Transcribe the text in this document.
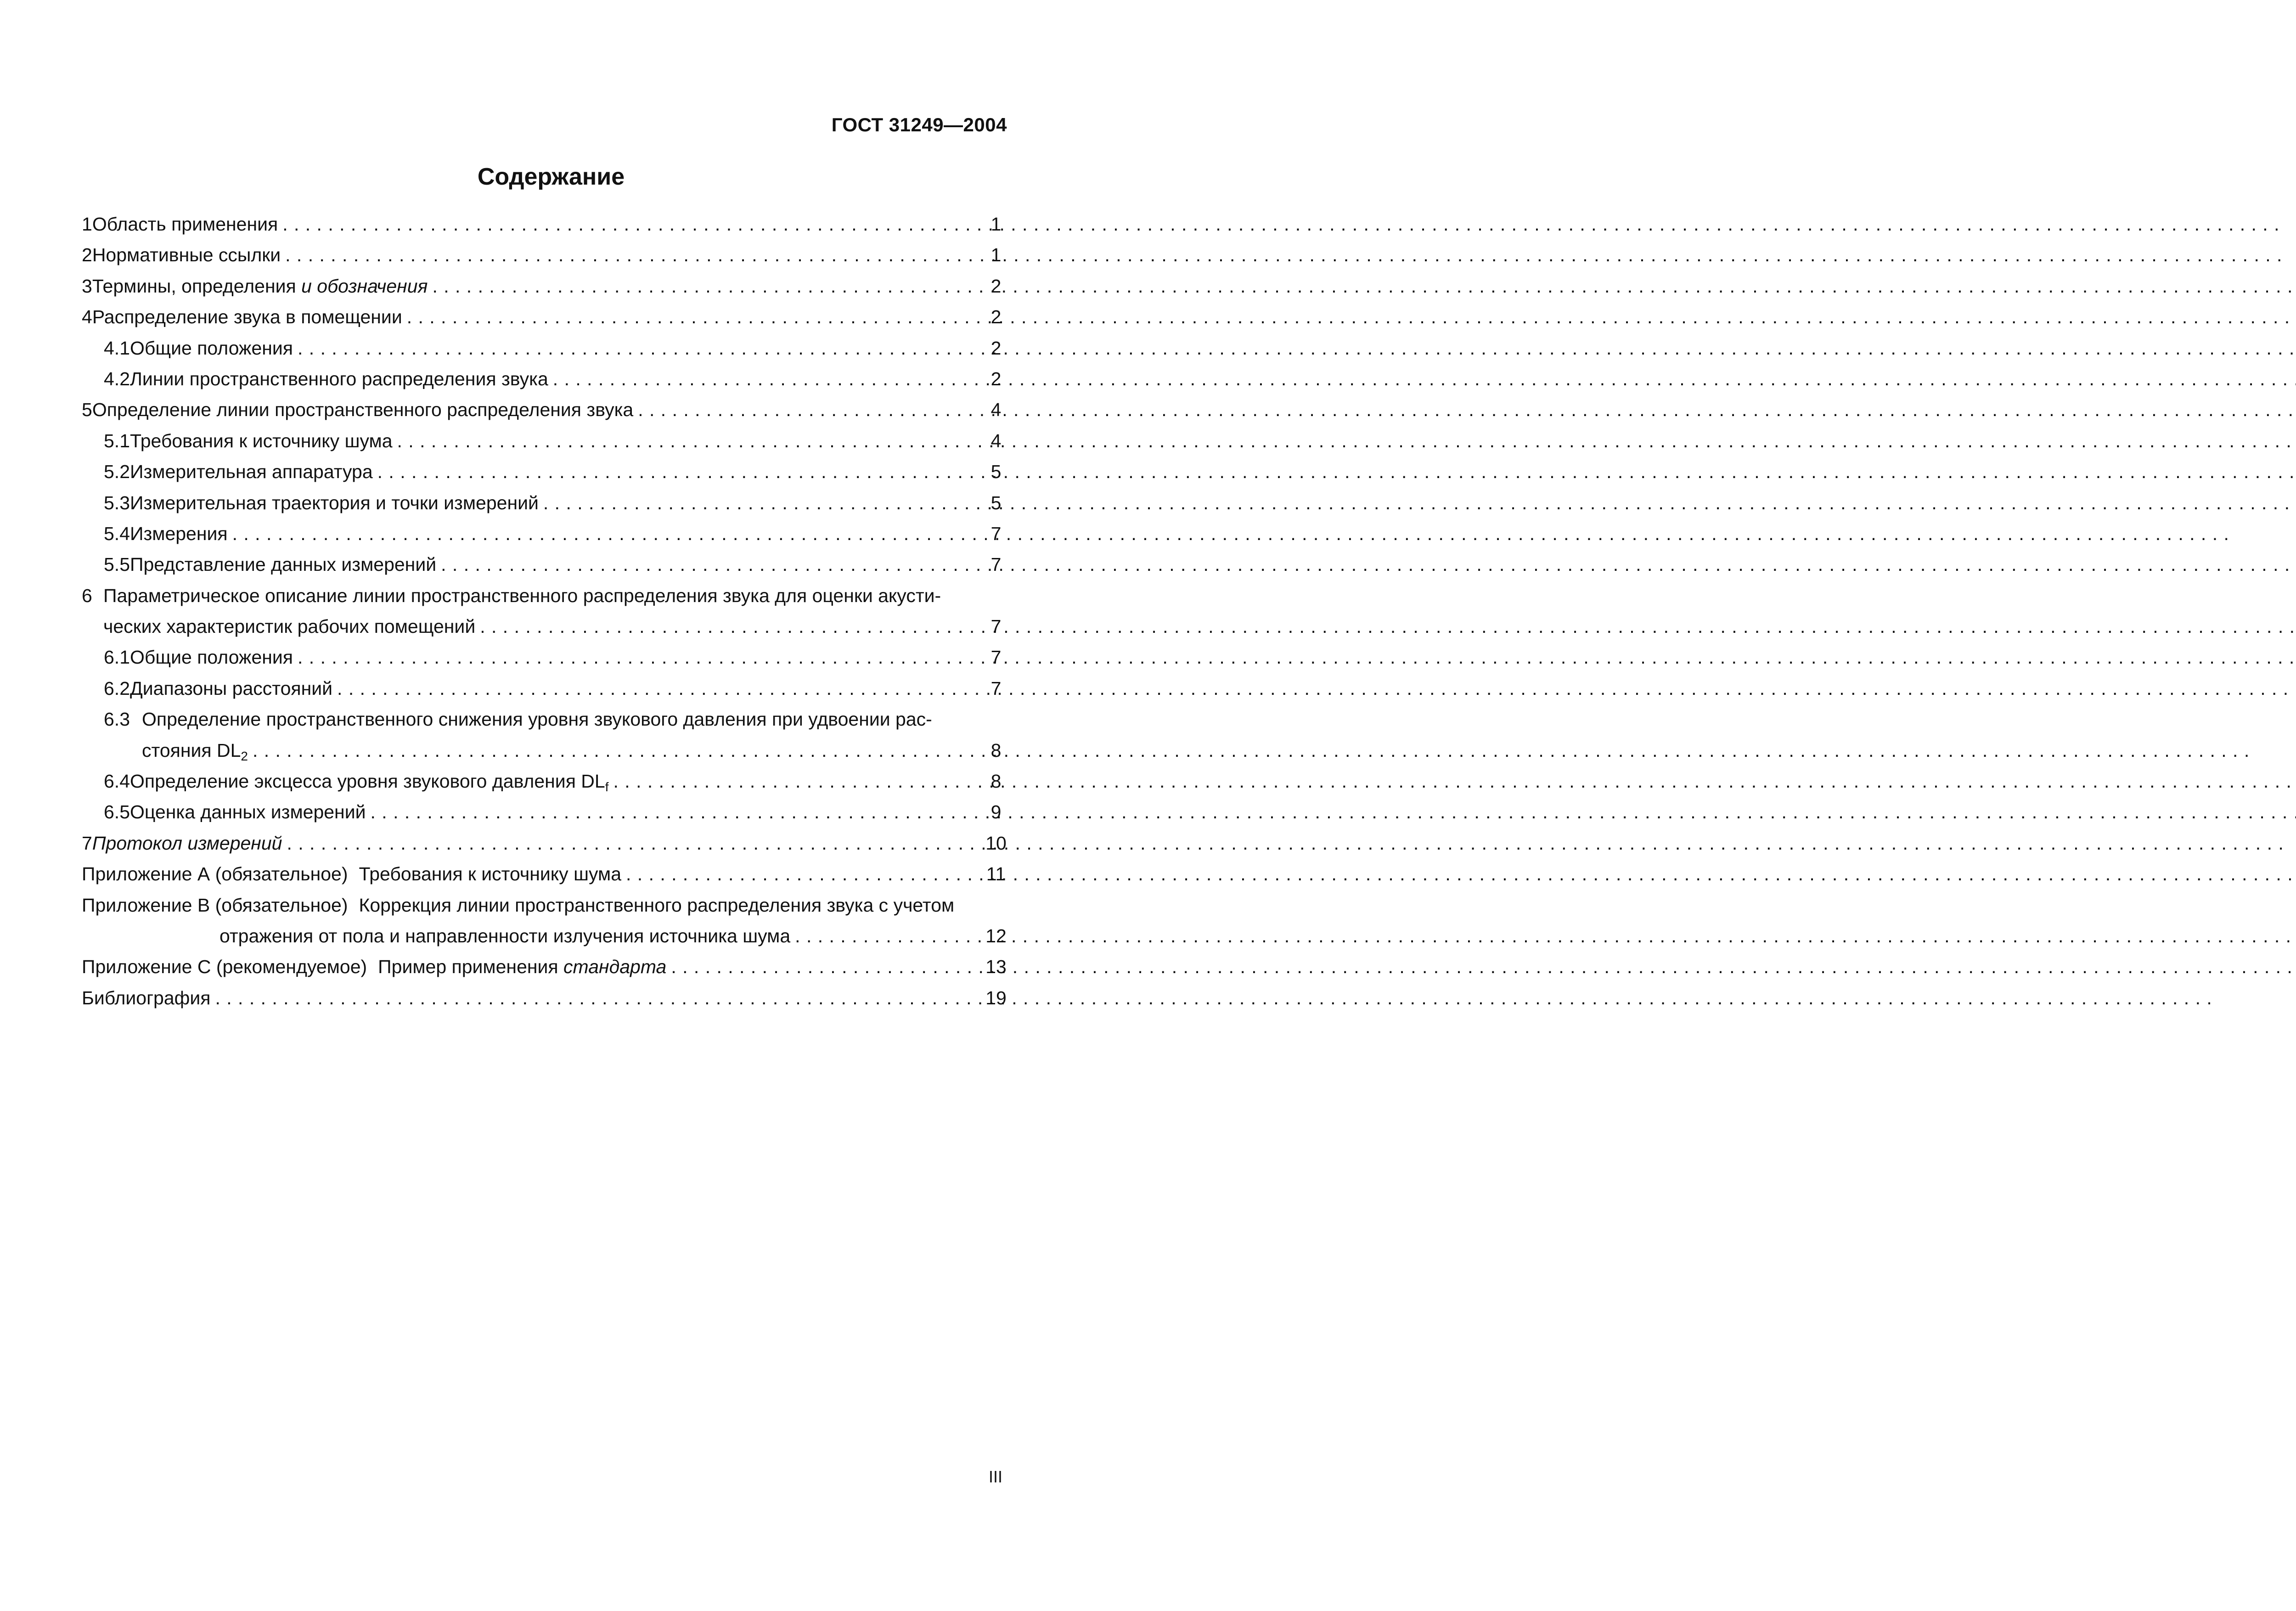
ГОСТ 31249—2004
Содержание
1 Область применения . . .	1
2 Нормативные ссылки . . .	1
3 Термины, определения и обозначения . . .	2
4 Распределение звука в помещении . . .	2
4.1 Общие положения . . .	2
4.2 Линии пространственного распределения звука . . .	2
5 Определение линии пространственного распределения звука . . .	4
5.1 Требования к источнику шума . . .	4
5.2 Измерительная аппаратура . . .	5
5.3 Измерительная траектория и точки измерений . . .	5
5.4 Измерения . . .	7
5.5 Представление данных измерений . . .	7
6 Параметрическое описание линии пространственного распределения звука для оценки акусти-
ческих характеристик рабочих помещений . . .	7
6.1 Общие положения . . .	7
6.2 Диапазоны расстояний . . .	7
6.3 Определение пространственного снижения уровня звукового давления при удвоении рас-
стояния $DL_2$ . . .	8
6.4 Определение эксцесса уровня звукового давления $DL_f$ . . .	8
6.5 Оценка данных измерений . . .	9
7 Протокол измерений . . .	10
Приложение А (обязательное) Требования к источнику шума . . .	11
Приложение В (обязательное) Коррекция линии пространственного распределения звука с учетом
отражения от пола и направленности излучения источника шума . . .	12
Приложение С (рекомендуемое) Пример применения стандарта . . .	13
Библиография . . .	19
III
